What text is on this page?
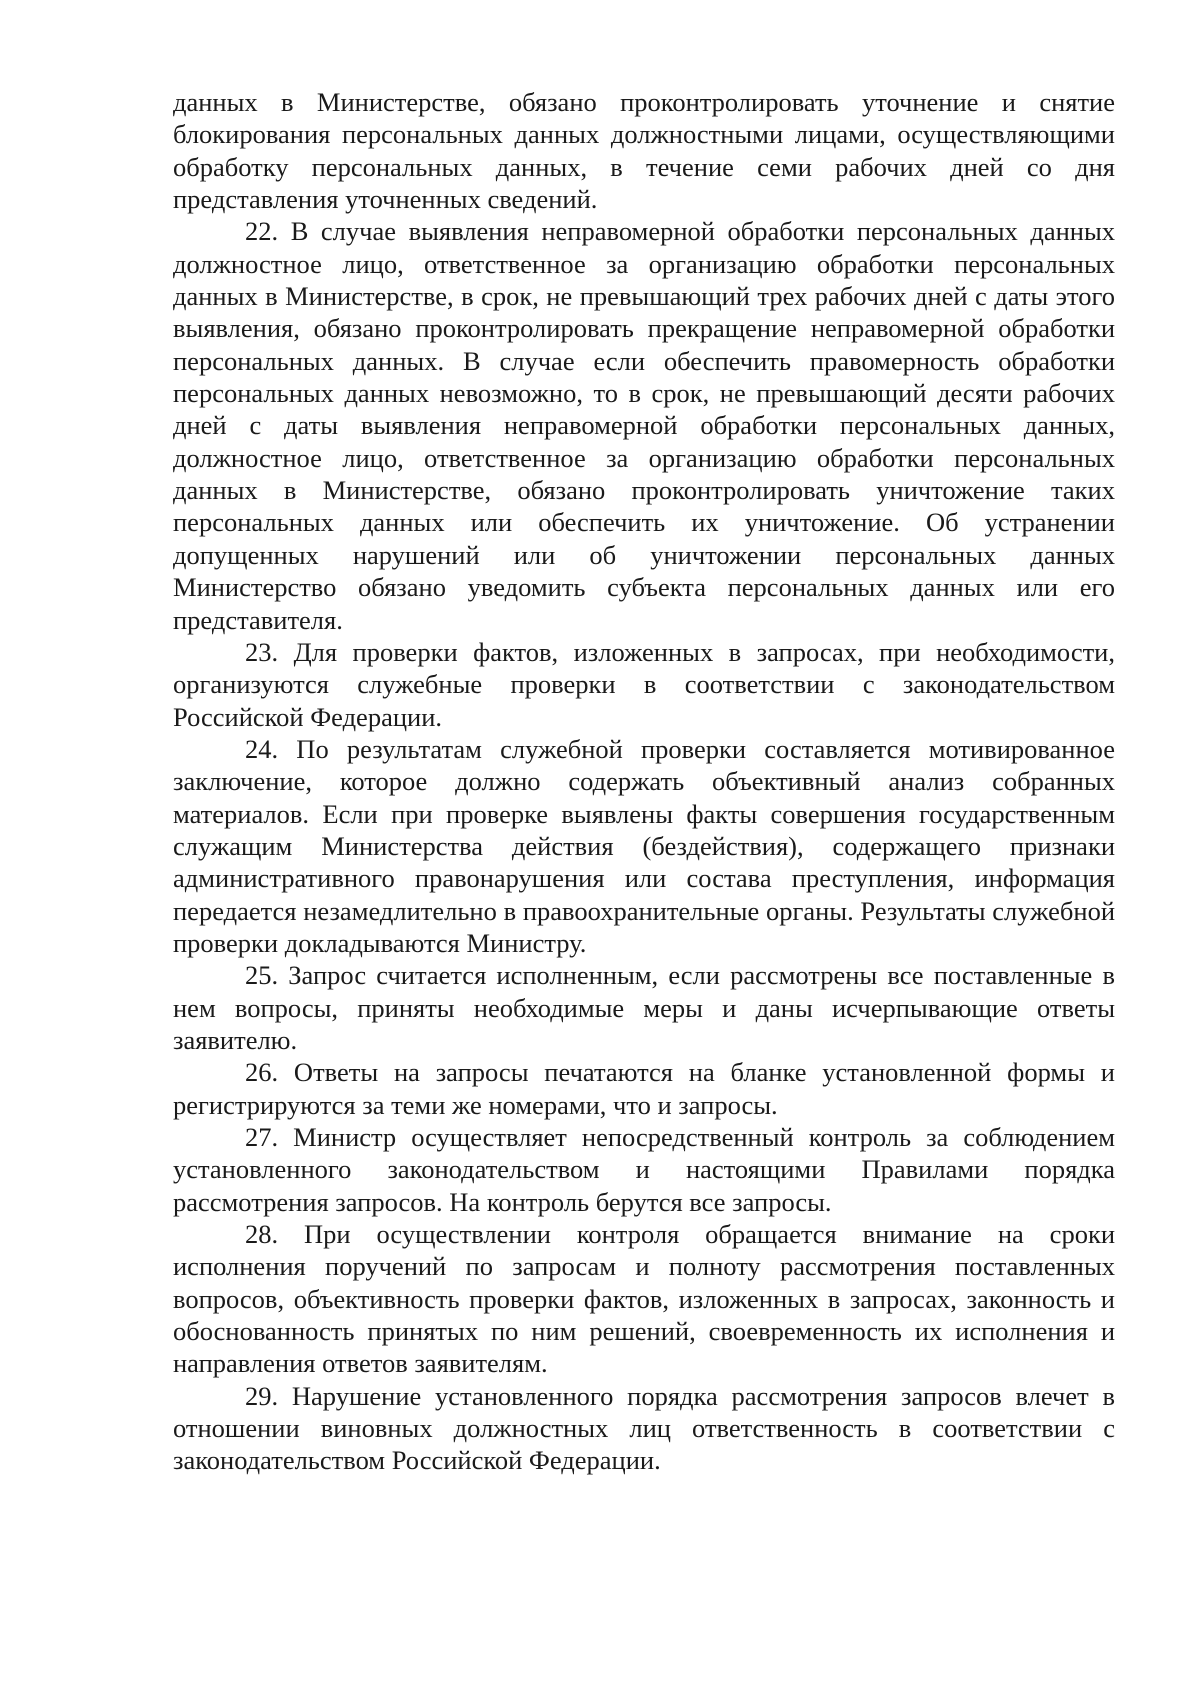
данных в Министерстве, обязано проконтролировать уточнение и снятие блокирования персональных данных должностными лицами, осуществляющими обработку персональных данных, в течение семи рабочих дней со дня представления уточненных сведений.

22. В случае выявления неправомерной обработки персональных данных должностное лицо, ответственное за организацию обработки персональных данных в Министерстве, в срок, не превышающий трех рабочих дней с даты этого выявления, обязано проконтролировать прекращение неправомерной обработки персональных данных. В случае если обеспечить правомерность обработки персональных данных невозможно, то в срок, не превышающий десяти рабочих дней с даты выявления неправомерной обработки персональных данных, должностное лицо, ответственное за организацию обработки персональных данных в Министерстве, обязано проконтролировать уничтожение таких персональных данных или обеспечить их уничтожение. Об устранении допущенных нарушений или об уничтожении персональных данных Министерство обязано уведомить субъекта персональных данных или его представителя.

23. Для проверки фактов, изложенных в запросах, при необходимости, организуются служебные проверки в соответствии с законодательством Российской Федерации.

24. По результатам служебной проверки составляется мотивированное заключение, которое должно содержать объективный анализ собранных материалов. Если при проверке выявлены факты совершения государственным служащим Министерства действия (бездействия), содержащего признаки административного правонарушения или состава преступления, информация передается незамедлительно в правоохранительные органы. Результаты служебной проверки докладываются Министру.

25. Запрос считается исполненным, если рассмотрены все поставленные в нем вопросы, приняты необходимые меры и даны исчерпывающие ответы заявителю.

26. Ответы на запросы печатаются на бланке установленной формы и регистрируются за теми же номерами, что и запросы.

27. Министр осуществляет непосредственный контроль за соблюдением установленного законодательством и настоящими Правилами порядка рассмотрения запросов. На контроль берутся все запросы.

28. При осуществлении контроля обращается внимание на сроки исполнения поручений по запросам и полноту рассмотрения поставленных вопросов, объективность проверки фактов, изложенных в запросах, законность и обоснованность принятых по ним решений, своевременность их исполнения и направления ответов заявителям.

29. Нарушение установленного порядка рассмотрения запросов влечет в отношении виновных должностных лиц ответственность в соответствии с законодательством Российской Федерации.
